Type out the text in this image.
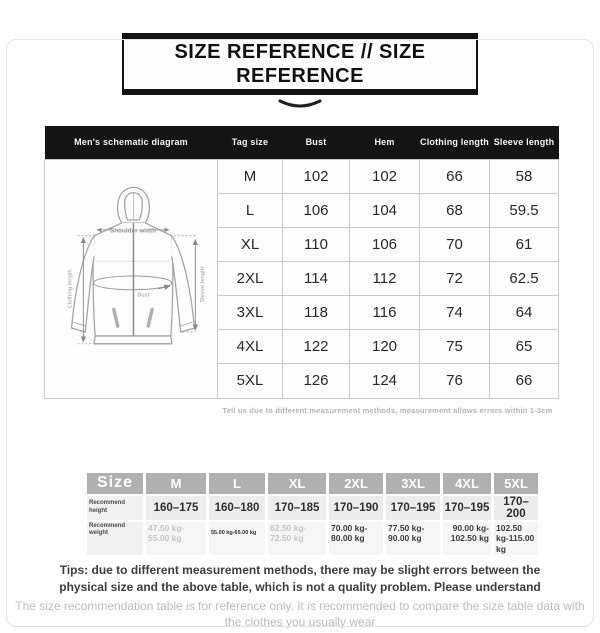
SIZE REFERENCE // SIZE REFERENCE
Men's schematic diagram	Tag size	Bust	Hem	Clothing length	Sleeve length

Clothing length
Shoulder width
Bust Sleeve length	M	102	102	66	58
	L	106	104	68	59.5
	XL	110	106	70	61
	2XL	114	112	72	62.5
	3XL	118	116	74	64
	4XL	122	120	75	65
	5XL	126	124	76	66
Tell us due to different measurement methods, measurement allows errors within 1-3cm
Size	M	L	XL	2XL	3XL	4XL	5XL
Recommend height	160–175	160–180	170–185	170–190	170–195	170–195	170–200
Recommend weight	47.50 kg-55.00 kg	55.00 kg-65.00 kg	62.50 kg-72.50 kg	70.00 kg-80.00 kg	77.50 kg-90.00 kg	90.00 kg-102.50 kg	102.50 kg-115.00 kg
Tips: due to different measurement methods, there may be slight errors between the physical size and the above table, which is not a quality problem. Please understand
The size recommendation table is for reference only. It is recommended to compare the size table data with the clothes you usually wear
